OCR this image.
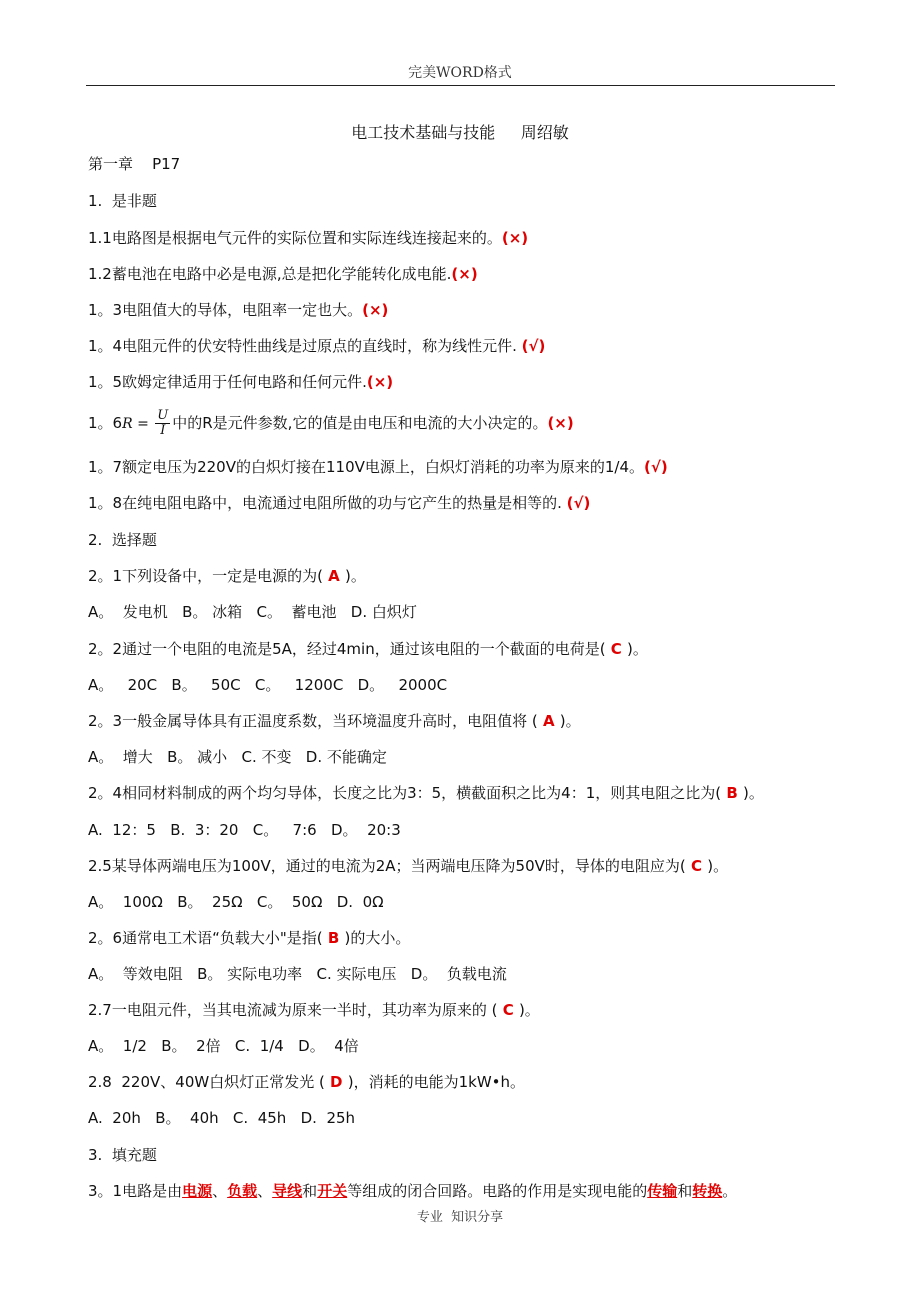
完美WORD格式
电工技术基础与技能     周绍敏
第一章    P17
1.  是非题
1.1电路图是根据电气元件的实际位置和实际连线连接起来的。(×)
1.2蓄电池在电路中必是电源,总是把化学能转化成电能.(×)
1。3电阻值大的导体，电阻率一定也大。(×)
1。4电阻元件的伏安特性曲线是过原点的直线时，称为线性元件. (√)
1。5欧姆定律适用于任何电路和任何元件.(×)
1。$6R = \frac{U}{I}$ 中的R是元件参数,它的值是由电压和电流的大小决定的。(×)
1。7额定电压为220V的白炽灯接在110V电源上，白炽灯消耗的功率为原来的1/4。(√)
1。8在纯电阻电路中，电流通过电阻所做的功与它产生的热量是相等的. (√)
2.  选择题
2。1下列设备中，一定是电源的为( A )。
A。  发电机   B。 冰箱   C。  蓄电池   D. 白炽灯
2。2通过一个电阻的电流是5A，经过4min，通过该电阻的一个截面的电荷是( C )。
A。   20C   B。   50C   C。   1200C   D。   2000C
2。3一般金属导体具有正温度系数，当环境温度升高时，电阻值将 ( A )。
A。  增大   B。 减小   C. 不变   D. 不能确定
2。4相同材料制成的两个均匀导体，长度之比为3：5，横截面积之比为4：1，则其电阻之比为( B )。
A.  12：5   B.  3：20   C。   7:6   D。  20:3
2.5某导体两端电压为100V，通过的电流为2A；当两端电压降为50V时，导体的电阻应为( C )。
A。  100Ω   B。  25Ω   C。  50Ω   D.  0Ω
2。6通常电工术语“负载大小"是指( B )的大小。
A。  等效电阻   B。 实际电功率   C. 实际电压   D。  负载电流
2.7一电阻元件，当其电流减为原来一半时，其功率为原来的 ( C )。
A。  1/2   B。  2倍   C.  1/4   D。  4倍
2.8  220V、40W白炽灯正常发光 ( D )，消耗的电能为1kW•h。
A.  20h   B。  40h   C.  45h   D.  25h
3.  填充题
3。1电路是由电源、负载、导线和开关等组成的闭合回路。电路的作用是实现电能的传输和转换。
专业  知识分享
